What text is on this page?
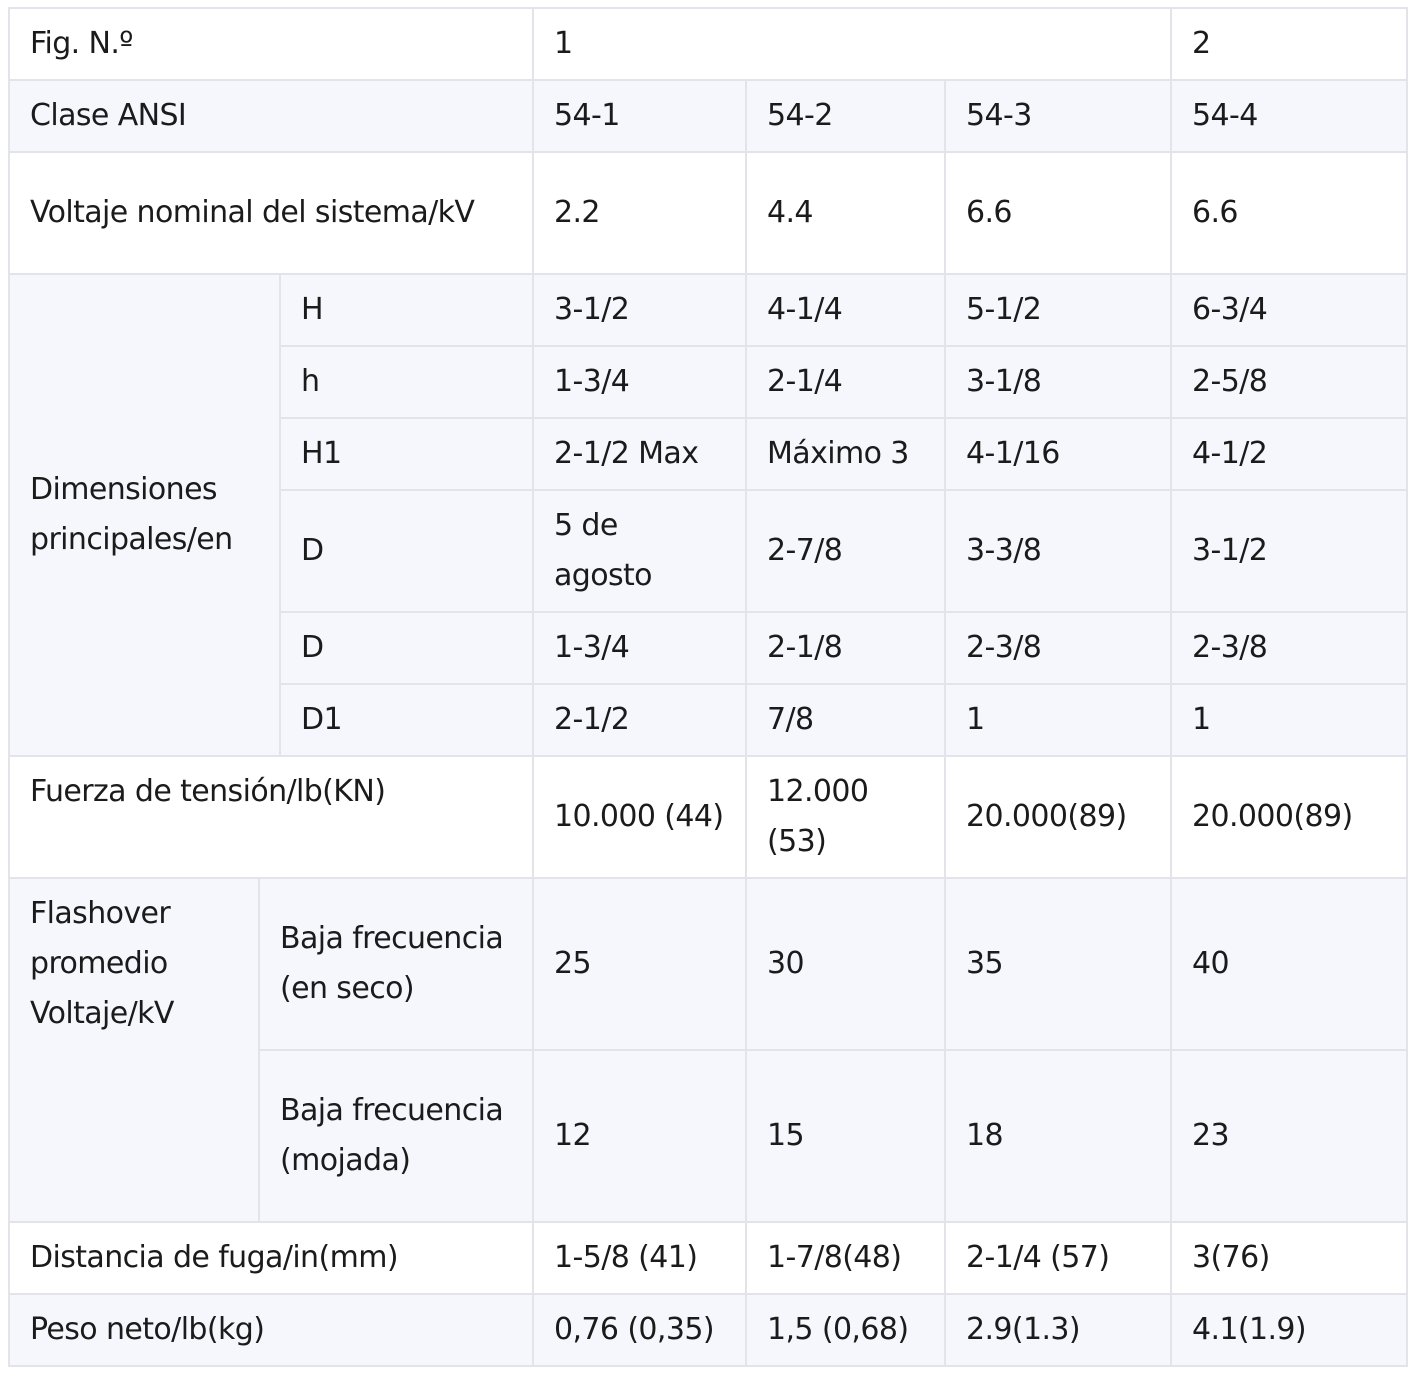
Fig. N.º			1			2
Clase ANSI			54-1	54-2	54-3	54-4
Voltaje nominal del sistema/kV			2.2	4.4	6.6	6.6
Dimensiones principales/en		H	3-1/2	4-1/4	5-1/2	6-3/4
		h	1-3/4	2-1/4	3-1/8	2-5/8
		H1	2-1/2 Max	Máximo 3	4-1/16	4-1/2
		D	5 de agosto	2-7/8	3-3/8	3-1/2
		D	1-3/4	2-1/8	2-3/8	2-3/8
		D1	2-1/2	7/8	1	1
Fuerza de tensión/lb(KN)			10.000 (44)	12.000 (53)	20.000(89)	20.000(89)
Flashover promedio Voltaje/kV	Baja frecuencia (en seco)		25	30	35	40
	Baja frecuencia (mojada)		12	15	18	23
Distancia de fuga/in(mm)			1-5/8 (41)	1-7/8(48)	2-1/4 (57)	3(76)
Peso neto/lb(kg)			0,76 (0,35)	1,5 (0,68)	2.9(1.3)	4.1(1.9)
